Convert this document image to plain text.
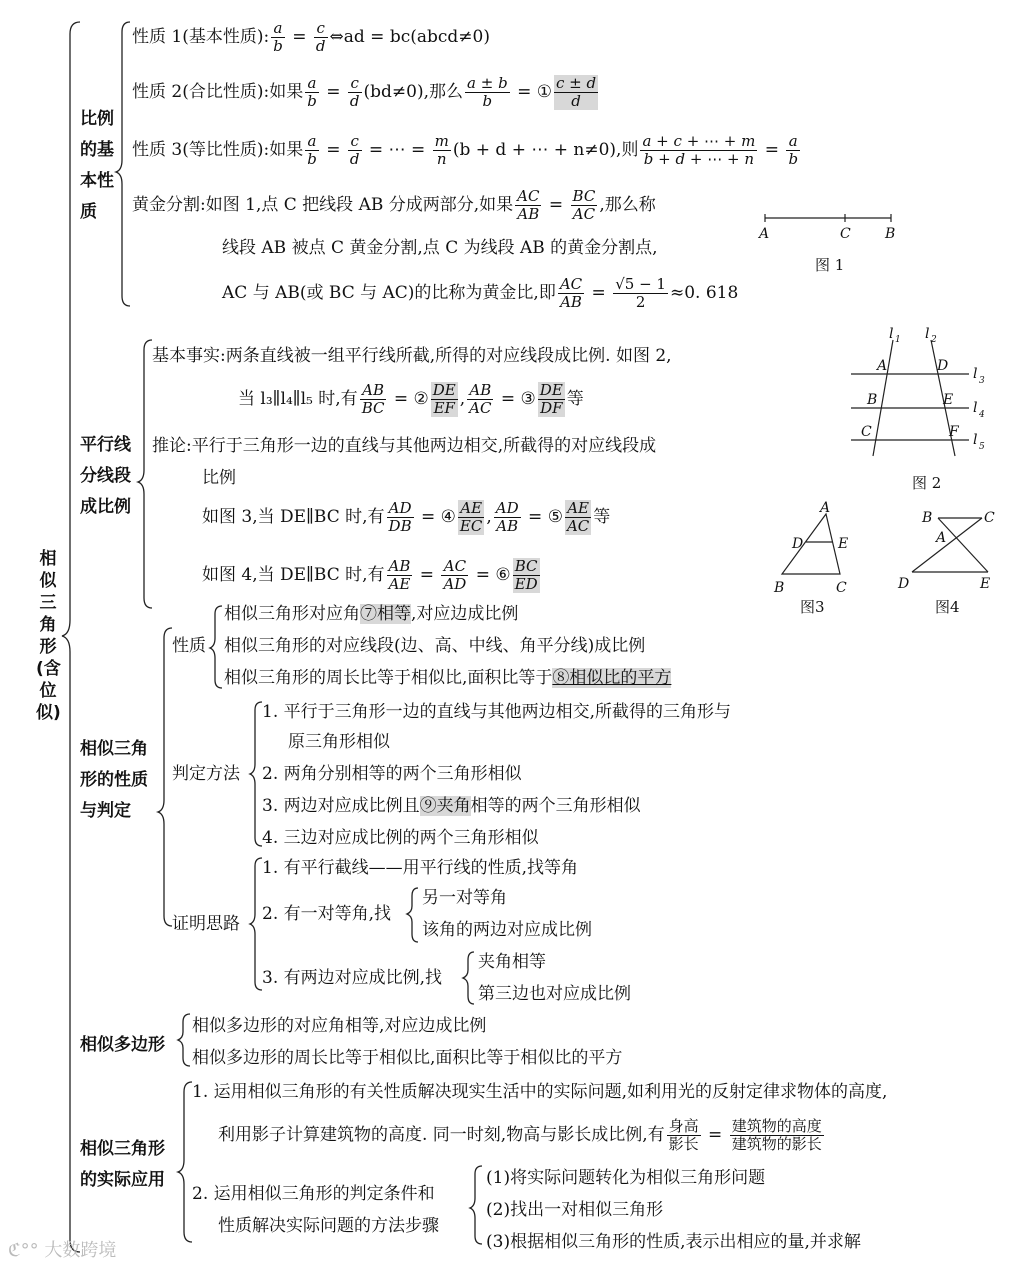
相似三角形(含位似)
比例
的基
本性
质
性质 1(基本性质): $\frac{a}{b} = \frac{c}{d}$ ⇔ad = bc(abcd≠0)
性质 2(合比性质):如果 $\frac{a}{b} = \frac{c}{d} (bd\ne 0)$,那么 $\frac{a \pm b}{b}$ = ① $\frac{c \pm d}{d}$
性质 3(等比性质):如果 $\frac{a}{b} = \frac{c}{d}$ = ⋯ = $\frac{m}{n} (b + d$ + ⋯ + n≠0),则 $\frac{a + c + \cdots + m}{b + d + \cdots + n} = \frac{a}{b}$
黄金分割:如图 1,点 C 把线段 AB 分成两部分,如果 $\frac{AC}{AB} = \frac{BC}{AC}$ ,那么称
线段 AB 被点 C 黄金分割,点 C 为线段 AB 的黄金分割点,
AC 与 AB(或 BC 与 AC)的比称为黄金比,即 $\frac{AC}{AB} = \frac{√5 - 1}{2} \approx 0$. 618
A	C B
图 1
平行线
分线段
成比例
基本事实:两条直线被一组平行线所截,所得的对应线段成比例. 如图 2,
当 l₃∥l₄∥l₅ 时,有 $\frac{AB}{BC}$ = ② $\frac{DE}{EF}$ , $\frac{AB}{AC}$ = ③ $\frac{DE}{DF}$ 等
推论:平行于三角形一边的直线与其他两边相交,所截得的对应线段成
比例
如图 3,当 DE∥BC 时,有 $\frac{AD}{DB}$ = ④ $\frac{AE}{EC}$ , $\frac{AD}{AB}$ = ⑤ $\frac{AE}{AC}$ 等
如图 4,当 DE∥BC 时,有 $\frac{AB}{AE} = \frac{AC}{AD}$ = ⑥ $\frac{BC}{ED}$
l 1 l 2
A	D
B	E
C	F
l 3
l 4
l 5
图 2
A
D E
B	C
图3
B	C
A
D	E
图4
相似三角
形的性质
与判定
性质
相似三角形对应角⑦相等,对应边成比例
相似三角形的对应线段(边、高、中线、角平分线)成比例
相似三角形的周长比等于相似比,面积比等于⑧相似比的平方
判定方法
1. 平行于三角形一边的直线与其他两边相交,所截得的三角形与
原三角形相似
2. 两角分别相等的两个三角形相似
3. 两边对应成比例且⑨夹角相等的两个三角形相似
4. 三边对应成比例的两个三角形相似
证明思路
1. 有平行截线——用平行线的性质,找等角
2. 有一对等角,找
另一对等角
该角的两边对应成比例
3. 有两边对应成比例,找
夹角相等
第三边也对应成比例
相似多边形
相似多边形的对应角相等,对应边成比例
相似多边形的周长比等于相似比,面积比等于相似比的平方
相似三角形
的实际应用
1. 运用相似三角形的有关性质解决现实生活中的实际问题,如利用光的反射定律求物体的高度,
利用影子计算建筑物的高度. 同一时刻,物高与影长成比例,有 身高
影长 = 建筑物的高度
建筑物的影长
2. 运用相似三角形的判定条件和
性质解决实际问题的方法步骤
(1)将实际问题转化为相似三角形问题
(2)找出一对相似三角形
(3)根据相似三角形的性质,表示出相应的量,并求解
ℭ°° 大数跨境
